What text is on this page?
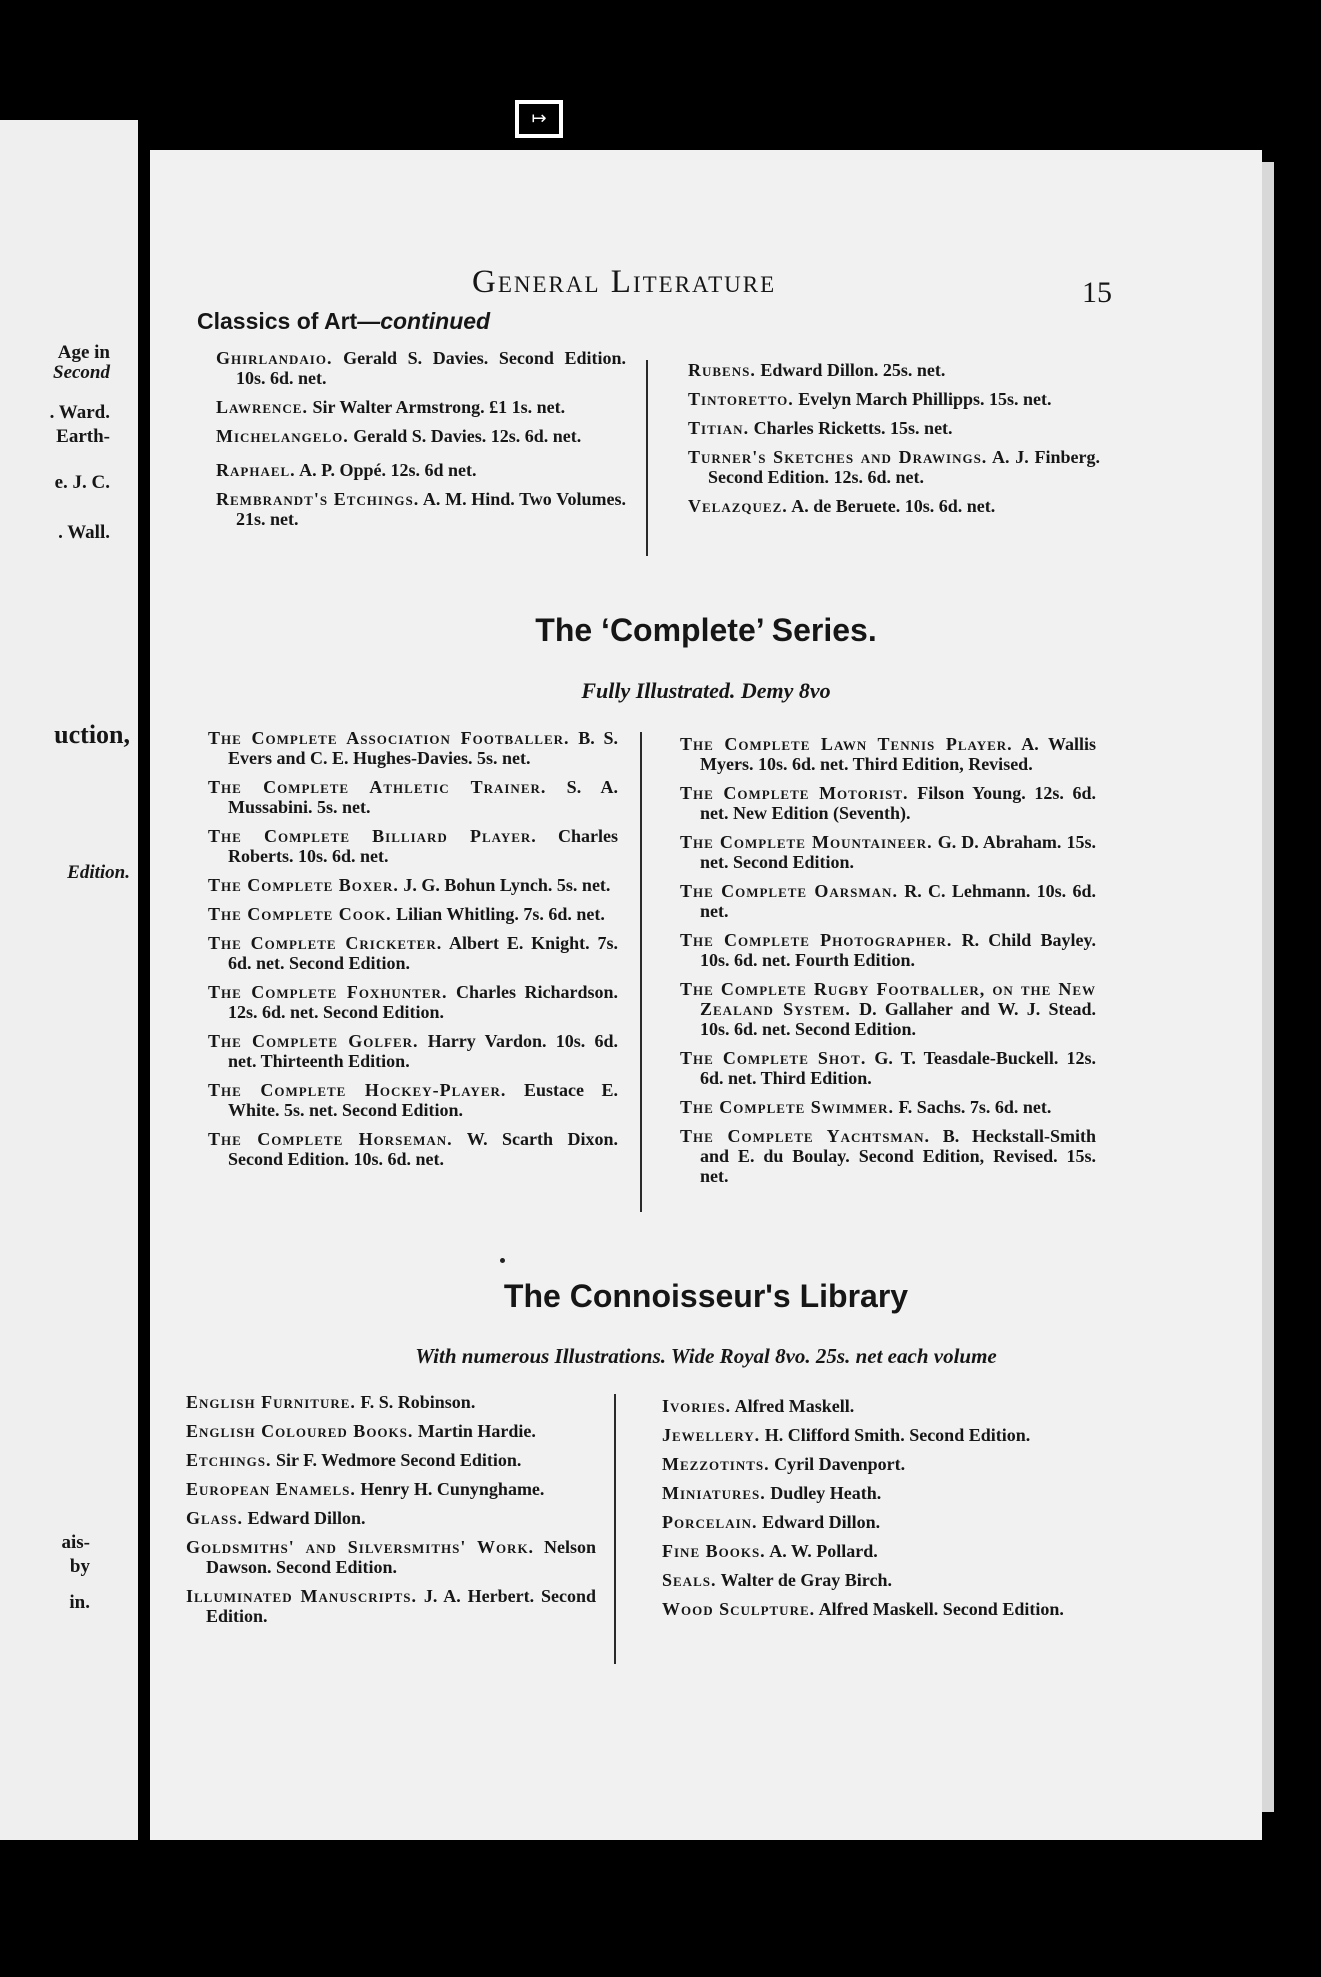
Age in
Second
. Ward.
Earth-
e. J. C.
. Wall.
uction,
Edition.
ais-
by
in.
↦
General Literature	15
Classics of Art—continued
Ghirlandaio. Gerald S. Davies. Second Edition. 10s. 6d. net.
Lawrence. Sir Walter Armstrong. £1 1s. net.
Michelangelo. Gerald S. Davies. 12s. 6d. net.
Raphael. A. P. Oppé. 12s. 6d net.
Rembrandt's Etchings. A. M. Hind. Two Volumes. 21s. net.
Rubens. Edward Dillon. 25s. net.
Tintoretto. Evelyn March Phillipps. 15s. net.
Titian. Charles Ricketts. 15s. net.
Turner's Sketches and Drawings. A. J. Finberg. Second Edition. 12s. 6d. net.
Velazquez. A. de Beruete. 10s. 6d. net.
The ‘Complete’ Series.
Fully Illustrated. Demy 8vo
The Complete Association Footballer. B. S. Evers and C. E. Hughes-Davies. 5s. net.
The Complete Athletic Trainer. S. A. Mussabini. 5s. net.
The Complete Billiard Player. Charles Roberts. 10s. 6d. net.
The Complete Boxer. J. G. Bohun Lynch. 5s. net.
The Complete Cook. Lilian Whitling. 7s. 6d. net.
The Complete Cricketer. Albert E. Knight. 7s. 6d. net. Second Edition.
The Complete Foxhunter. Charles Richardson. 12s. 6d. net. Second Edition.
The Complete Golfer. Harry Vardon. 10s. 6d. net. Thirteenth Edition.
The Complete Hockey-Player. Eustace E. White. 5s. net. Second Edition.
The Complete Horseman. W. Scarth Dixon. Second Edition. 10s. 6d. net.
The Complete Lawn Tennis Player. A. Wallis Myers. 10s. 6d. net. Third Edition, Revised.
The Complete Motorist. Filson Young. 12s. 6d. net. New Edition (Seventh).
The Complete Mountaineer. G. D. Abraham. 15s. net. Second Edition.
The Complete Oarsman. R. C. Lehmann. 10s. 6d. net.
The Complete Photographer. R. Child Bayley. 10s. 6d. net. Fourth Edition.
The Complete Rugby Footballer, on the New Zealand System. D. Gallaher and W. J. Stead. 10s. 6d. net. Second Edition.
The Complete Shot. G. T. Teasdale-Buckell. 12s. 6d. net. Third Edition.
The Complete Swimmer. F. Sachs. 7s. 6d. net.
The Complete Yachtsman. B. Heckstall-Smith and E. du Boulay. Second Edition, Revised. 15s. net.
The Connoisseur's Library
With numerous Illustrations. Wide Royal 8vo. 25s. net each volume
English Furniture. F. S. Robinson.
English Coloured Books. Martin Hardie.
Etchings. Sir F. Wedmore Second Edition.
European Enamels. Henry H. Cunynghame.
Glass. Edward Dillon.
Goldsmiths' and Silversmiths' Work. Nelson Dawson. Second Edition.
Illuminated Manuscripts. J. A. Herbert. Second Edition.
Ivories. Alfred Maskell.
Jewellery. H. Clifford Smith. Second Edition.
Mezzotints. Cyril Davenport.
Miniatures. Dudley Heath.
Porcelain. Edward Dillon.
Fine Books. A. W. Pollard.
Seals. Walter de Gray Birch.
Wood Sculpture. Alfred Maskell. Second Edition.
